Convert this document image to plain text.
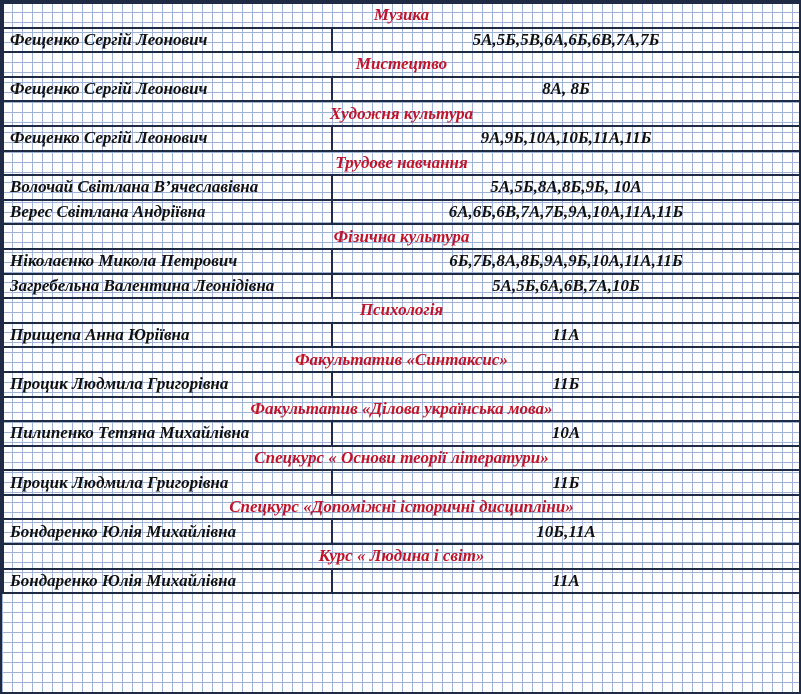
Музика	
Фещенко Сергій Леонович	5А,5Б,5В,6А,6Б,6В,7А,7Б
Мистецтво	
Фещенко Сергій Леонович	8А, 8Б
Художня культура	
Фещенко Сергій Леонович	9А,9Б,10А,10Б,11А,11Б
Трудове навчання	
Волочай Світлана В’ячеславівна	5А,5Б,8А,8Б,9Б, 10А
Верес Світлана Андріївна	6А,6Б,6В,7А,7Б,9А,10А,11А,11Б
Фізична культура	
Ніколаєнко Микола Петрович	6Б,7Б,8А,8Б,9А,9Б,10А,11А,11Б
Загребельна Валентина Леонідівна	5А,5Б,6А,6В,7А,10Б
Психологія	
Прищепа Анна Юріївна	11А
Факультатив «Синтаксис»	
Процик Людмила Григорівна	11Б
Факультатив «Ділова українська мова»	
Пилипенко Тетяна Михайлівна	10А
Спецкурс « Основи теорії літератури»	
Процик Людмила Григорівна	11Б
Спецкурс «Допоміжні історичні дисципліни»	
Бондаренко Юлія Михайлівна	10Б,11А
Курс « Людина і світ»	
Бондаренко Юлія Михайлівна	11А
